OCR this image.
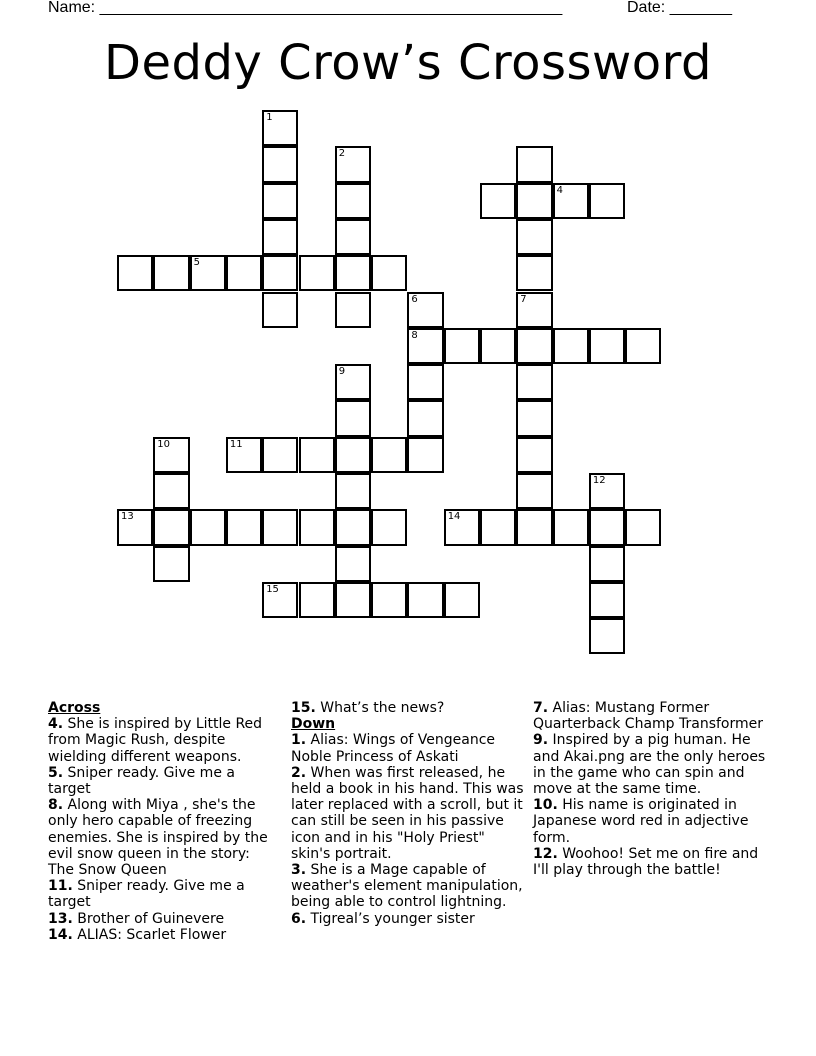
Name: ____________________________________________________	Date: _______
Deddy Crow’s Crossword
1
2
4
5
6	7
8
9
10	11
12
13	14
15
Across
4. She is inspired by Little Red from Magic Rush, despite wielding different weapons.
5. Sniper ready. Give me a target
8. Along with Miya , she's the only hero capable of freezing enemies. She is inspired by the evil snow queen in the story: The Snow Queen
11. Sniper ready. Give me a target
13. Brother of Guinevere
14. ALIAS: Scarlet Flower
15. What’s the news?
Down
1. Alias: Wings of Vengeance Noble Princess of Askati
2. When was first released, he held a book in his hand. This was later replaced with a scroll, but it can still be seen in his passive icon and in his "Holy Priest" skin's portrait.
3. She is a Mage capable of weather's element manipulation, being able to control lightning.
6. Tigreal’s younger sister
7. Alias: Mustang Former Quarterback Champ Transformer
9. Inspired by a pig human. He and Akai.png are the only heroes in the game who can spin and move at the same time.
10. His name is originated in Japanese word red in adjective form.
12. Woohoo! Set me on fire and I'll play through the battle!
